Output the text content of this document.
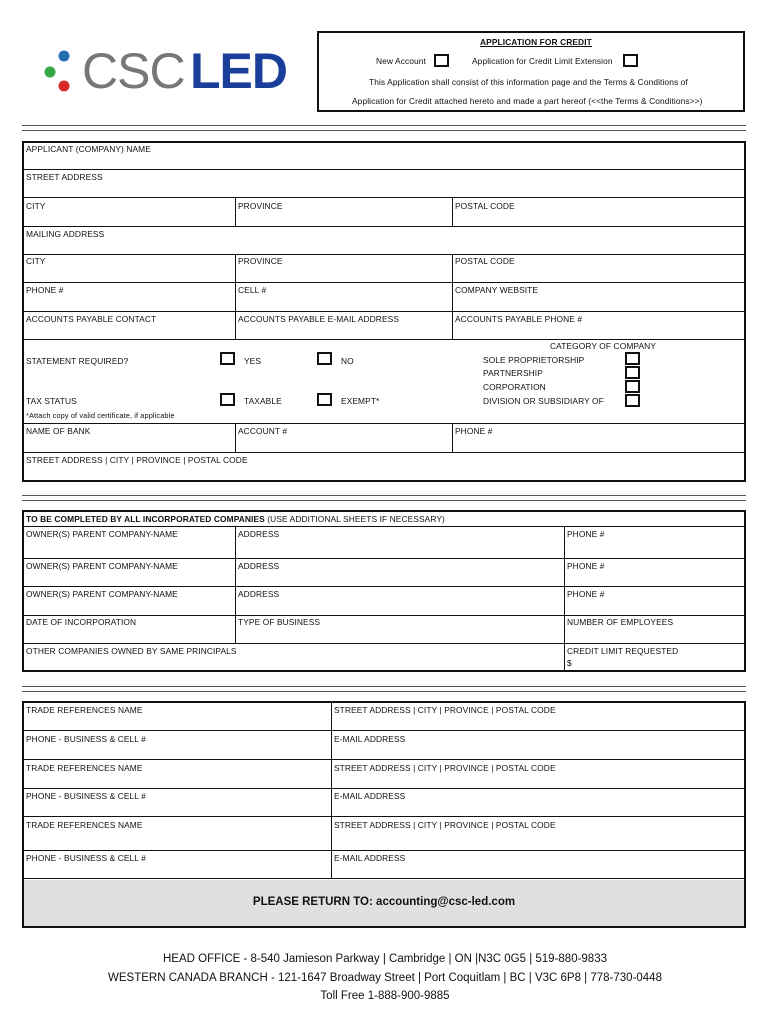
CSC LED
APPLICATION FOR CREDIT
New Account	Application for Credit Limit Extension
This Application shall consist of this information page and the Terms & Conditions of
Application for Credit attached hereto and made a part hereof (<<the Terms & Conditions>>)
APPLICANT (COMPANY) NAME
STREET ADDRESS
CITY	PROVINCE	POSTAL CODE
MAILING ADDRESS
CITY	PROVINCE	POSTAL CODE
PHONE #	CELL #	COMPANY WEBSITE
ACCOUNTS PAYABLE CONTACT	ACCOUNTS PAYABLE E-MAIL ADDRESS	ACCOUNTS PAYABLE PHONE #
STATEMENT REQUIRED?	YES	NO
TAX STATUS	TAXABLE	EXEMPT*
*Attach copy of valid certificate, if applicable
CATEGORY OF COMPANY
SOLE PROPRIETORSHIP
PARTNERSHIP
CORPORATION
DIVISION OR SUBSIDIARY OF
NAME OF BANK	ACCOUNT #	PHONE #
STREET ADDRESS | CITY | PROVINCE | POSTAL CODE
TO BE COMPLETED BY ALL INCORPORATED COMPANIES (USE ADDITIONAL SHEETS IF NECESSARY)
OWNER(S) PARENT COMPANY-NAME	ADDRESS	PHONE #
OWNER(S) PARENT COMPANY-NAME	ADDRESS	PHONE #
OWNER(S) PARENT COMPANY-NAME	ADDRESS	PHONE #
DATE OF INCORPORATION	TYPE OF BUSINESS	NUMBER OF EMPLOYEES
OTHER COMPANIES OWNED BY SAME PRINCIPALS	CREDIT LIMIT REQUESTED
$
TRADE REFERENCES NAME	STREET ADDRESS | CITY | PROVINCE | POSTAL CODE
PHONE - BUSINESS & CELL #	E-MAIL ADDRESS
TRADE REFERENCES NAME	STREET ADDRESS | CITY | PROVINCE | POSTAL CODE
PHONE - BUSINESS & CELL #	E-MAIL ADDRESS
TRADE REFERENCES NAME	STREET ADDRESS | CITY | PROVINCE | POSTAL CODE
PHONE - BUSINESS & CELL #	E-MAIL ADDRESS
PLEASE RETURN TO: accounting@csc-led.com
HEAD OFFICE - 8-540 Jamieson Parkway | Cambridge | ON |N3C 0G5 | 519-880-9833
WESTERN CANADA BRANCH - 121-1647 Broadway Street | Port Coquitlam | BC | V3C 6P8 | 778-730-0448
Toll Free 1-888-900-9885
